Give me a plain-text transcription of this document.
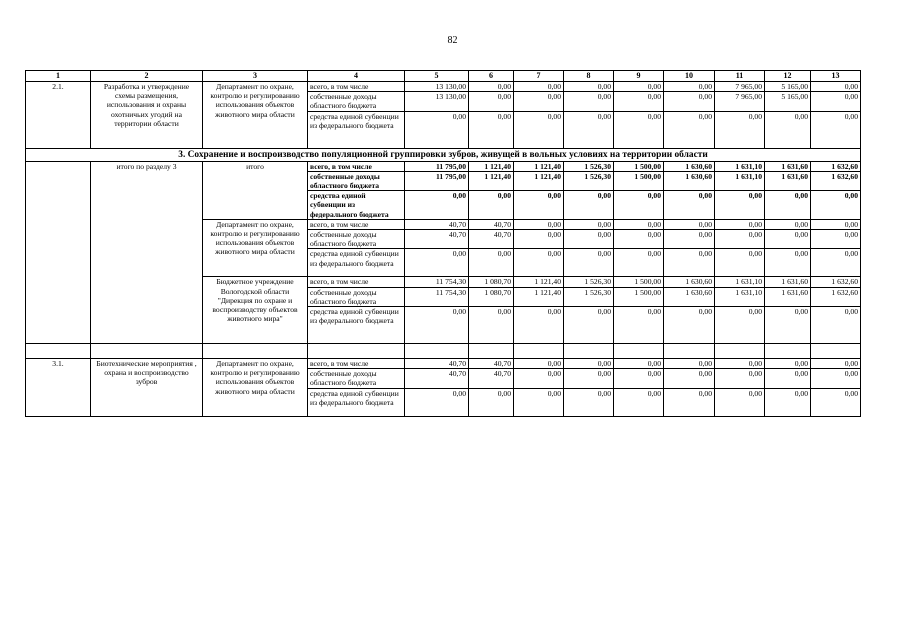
82
1	2	3	4	5	6	7	8	9	10	11	12	13
2.1.	Разработка и утверждение схемы размещения, использования и охраны охотничьих угодий на территории области	Департамент по охране, контролю и регулированию использования объектов животного мира области	всего, в том числе	13 130,00	0,00	0,00	0,00	0,00	0,00	7 965,00	5 165,00	0,00
			собственные доходы областного бюджета	13 130,00	0,00	0,00	0,00	0,00	0,00	7 965,00	5 165,00	0,00
			средства единой субвенции из федерального бюджета	0,00	0,00	0,00	0,00	0,00	0,00	0,00	0,00	0,00
3. Сохранение и воспроизводство популяционной группировки зубров, живущей в вольных условиях на территории области												
	итого по разделу 3	итого	всего, в том числе	11 795,00	1 121,40	1 121,40	1 526,30	1 500,00	1 630,60	1 631,10	1 631,60	1 632,60
			собственные доходы областного бюджета	11 795,00	1 121,40	1 121,40	1 526,30	1 500,00	1 630,60	1 631,10	1 631,60	1 632,60
			средства единой субвенции из федерального бюджета	0,00	0,00	0,00	0,00	0,00	0,00	0,00	0,00	0,00
		Департамент по охране, контролю и регулированию использования объектов животного мира области	всего, в том числе	40,70	40,70	0,00	0,00	0,00	0,00	0,00	0,00	0,00
			собственные доходы областного бюджета	40,70	40,70	0,00	0,00	0,00	0,00	0,00	0,00	0,00
			средства единой субвенции из федерального бюджета	0,00	0,00	0,00	0,00	0,00	0,00	0,00	0,00	0,00
		Бюджетное учреждение Вологодской области "Дирекция по охране и воспроизводству объектов животного мира"	всего, в том числе	11 754,30	1 080,70	1 121,40	1 526,30	1 500,00	1 630,60	1 631,10	1 631,60	1 632,60
			собственные доходы областного бюджета	11 754,30	1 080,70	1 121,40	1 526,30	1 500,00	1 630,60	1 631,10	1 631,60	1 632,60
			средства единой субвенции из федерального бюджета	0,00	0,00	0,00	0,00	0,00	0,00	0,00	0,00	0,00

3.1.	Биотехнические мероприятия , охрана и воспроизводство зубров	Департамент по охране, контролю и регулированию использования объектов животного мира области	всего, в том числе	40,70	40,70	0,00	0,00	0,00	0,00	0,00	0,00	0,00
			собственные доходы областного бюджета	40,70	40,70	0,00	0,00	0,00	0,00	0,00	0,00	0,00
			средства единой субвенции из федерального бюджета	0,00	0,00	0,00	0,00	0,00	0,00	0,00	0,00	0,00
